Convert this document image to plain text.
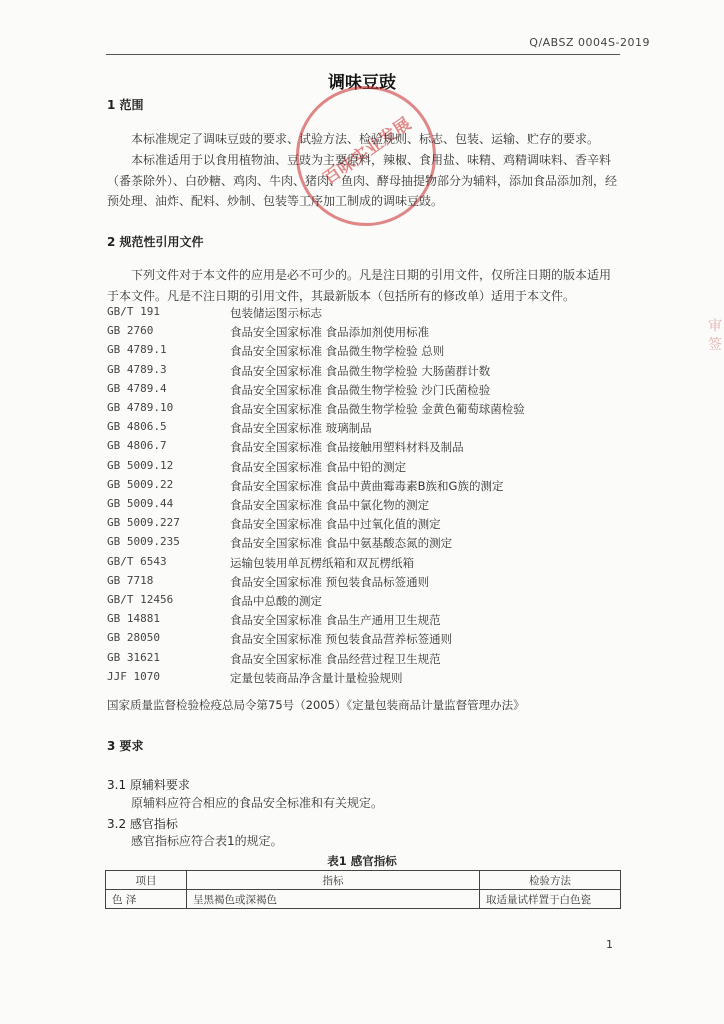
Q/ABSZ 0004S-2019
调味豆豉
百味实业发展
1 范围
本标准规定了调味豆豉的要求、试验方法、检验规则、标志、包装、运输、贮存的要求。
本标准适用于以食用植物油、豆豉为主要原料，辣椒、食用盐、味精、鸡精调味料、香辛料（番茶除外）、白砂糖、鸡肉、牛肉、猪肉、鱼肉、酵母抽提物部分为辅料，添加食品添加剂，经预处理、油炸、配料、炒制、包装等工序加工制成的调味豆豉。
2 规范性引用文件
下列文件对于本文件的应用是必不可少的。凡是注日期的引用文件，仅所注日期的版本适用于本文件。凡是不注日期的引用文件，其最新版本（包括所有的修改单）适用于本文件。
GB/T 191	包装储运图示标志
GB 2760	食品安全国家标准 食品添加剂使用标准
GB 4789.1	食品安全国家标准 食品微生物学检验 总则
GB 4789.3	食品安全国家标准 食品微生物学检验 大肠菌群计数
GB 4789.4	食品安全国家标准 食品微生物学检验 沙门氏菌检验
GB 4789.10	食品安全国家标准 食品微生物学检验 金黄色葡萄球菌检验
GB 4806.5	食品安全国家标准 玻璃制品
GB 4806.7	食品安全国家标准 食品接触用塑料材料及制品
GB 5009.12	食品安全国家标准 食品中铅的测定
GB 5009.22	食品安全国家标准 食品中黄曲霉毒素B族和G族的测定
GB 5009.44	食品安全国家标准 食品中氯化物的测定
GB 5009.227	食品安全国家标准 食品中过氧化值的测定
GB 5009.235	食品安全国家标准 食品中氨基酸态氮的测定
GB/T 6543	运输包装用单瓦楞纸箱和双瓦楞纸箱
GB 7718	食品安全国家标准 预包装食品标签通则
GB/T 12456	食品中总酸的测定
GB 14881	食品安全国家标准 食品生产通用卫生规范
GB 28050	食品安全国家标准 预包装食品营养标签通则
GB 31621	食品安全国家标准 食品经营过程卫生规范
JJF 1070	定量包装商品净含量计量检验规则
国家质量监督检验检疫总局令第75号（2005）《定量包装商品计量监督管理办法》
3 要求
3.1 原辅料要求
原辅料应符合相应的食品安全标准和有关规定。
3.2 感官指标
感官指标应符合表1的规定。
表1 感官指标
项目	指标	检验方法
色 泽	呈黑褐色或深褐色	取适量试样置于白色瓷
审 签
1
